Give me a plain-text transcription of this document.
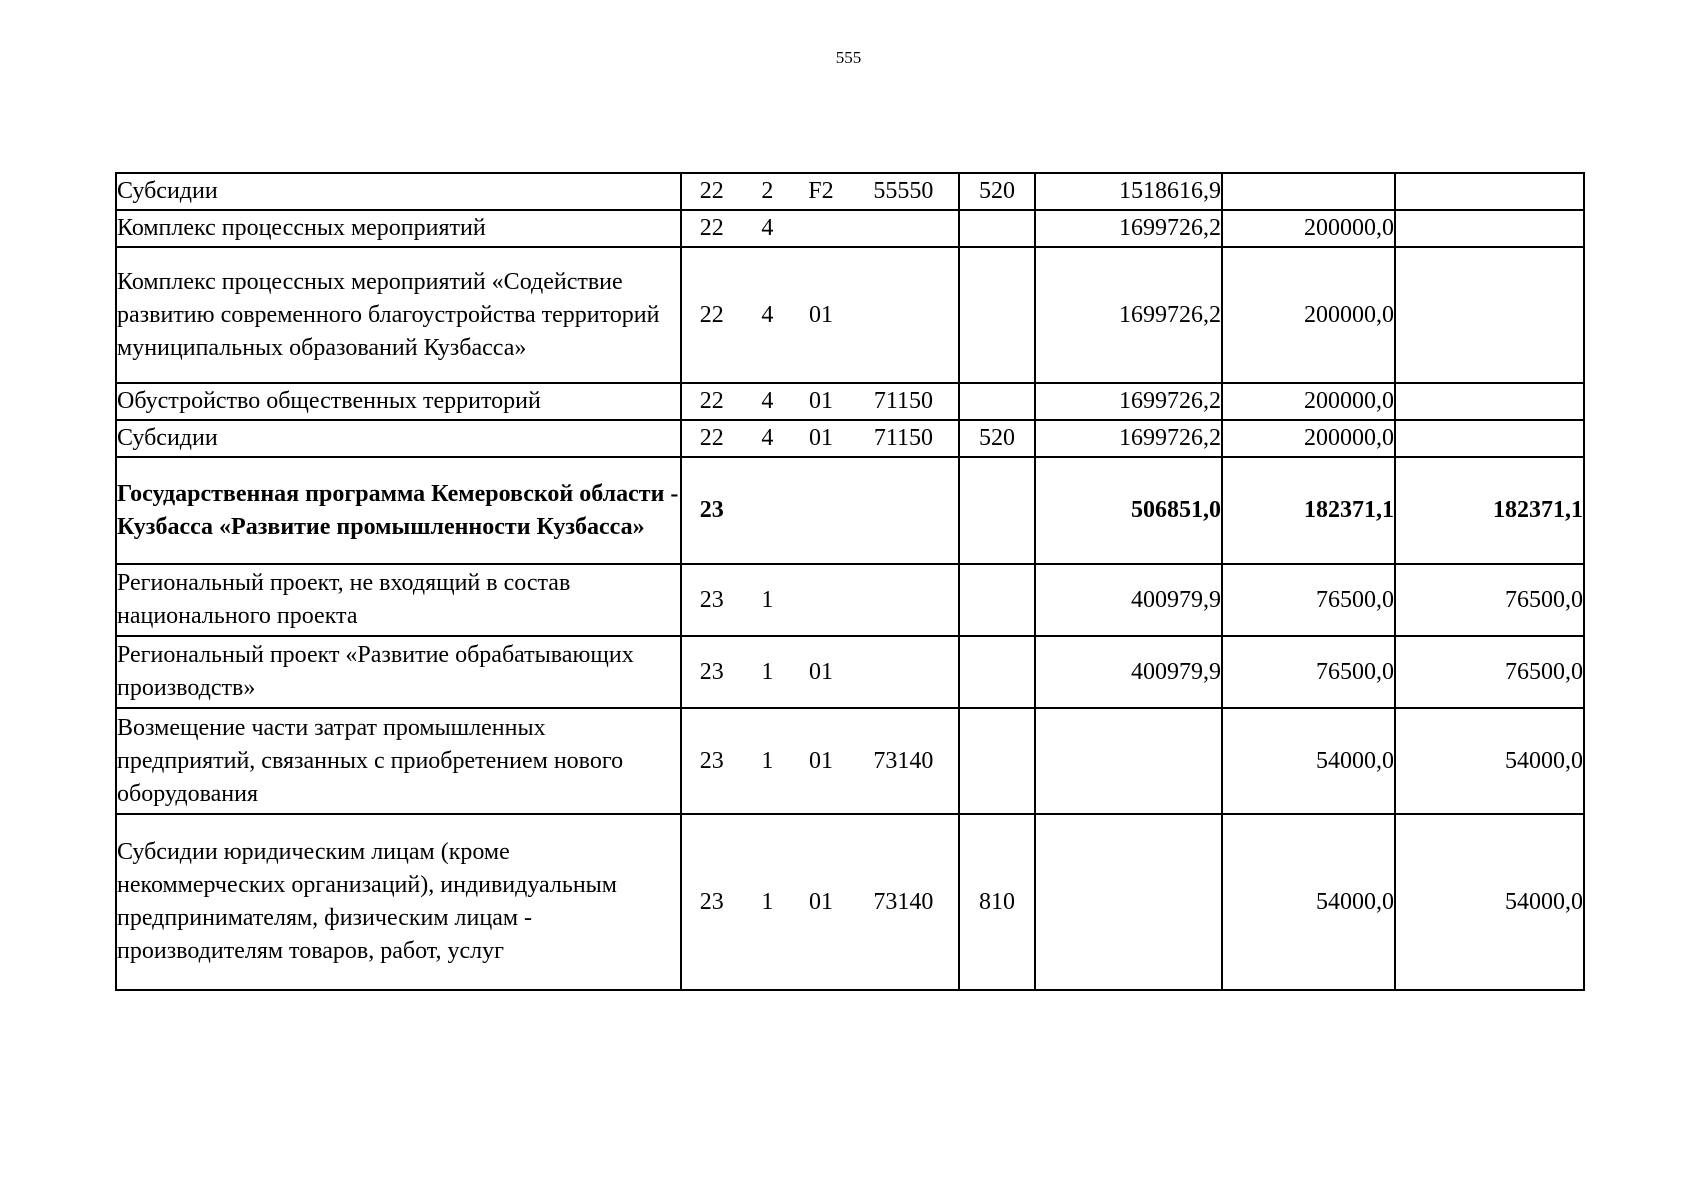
555
Субсидии	22 2 F2 55550	520	1518616,9		
Комплекс процессных мероприятий	22 4		1699726,2	200000,0	
Комплекс процессных мероприятий «Содействие развитию современного благоустройства территорий муниципальных образований Кузбасса»	22 4 01		1699726,2	200000,0	
Обустройство общественных территорий	22 4 01 71150		1699726,2	200000,0	
Субсидии	22 4 01 71150	520	1699726,2	200000,0	
Государственная программа Кемеровской области - Кузбасса «Развитие промышленности Кузбасса»	23		506851,0	182371,1	182371,1
Региональный проект, не входящий в состав национального проекта	23 1		400979,9	76500,0	76500,0
Региональный проект «Развитие обрабатывающих производств»	23 1 01		400979,9	76500,0	76500,0
Возмещение части затрат промышленных предприятий, связанных с приобретением нового оборудования	23 1 01 73140			54000,0	54000,0
Субсидии юридическим лицам (кроме некоммерческих организаций), индивидуальным предпринимателям, физическим лицам - производителям товаров, работ, услуг	23 1 01 73140	810		54000,0	54000,0
